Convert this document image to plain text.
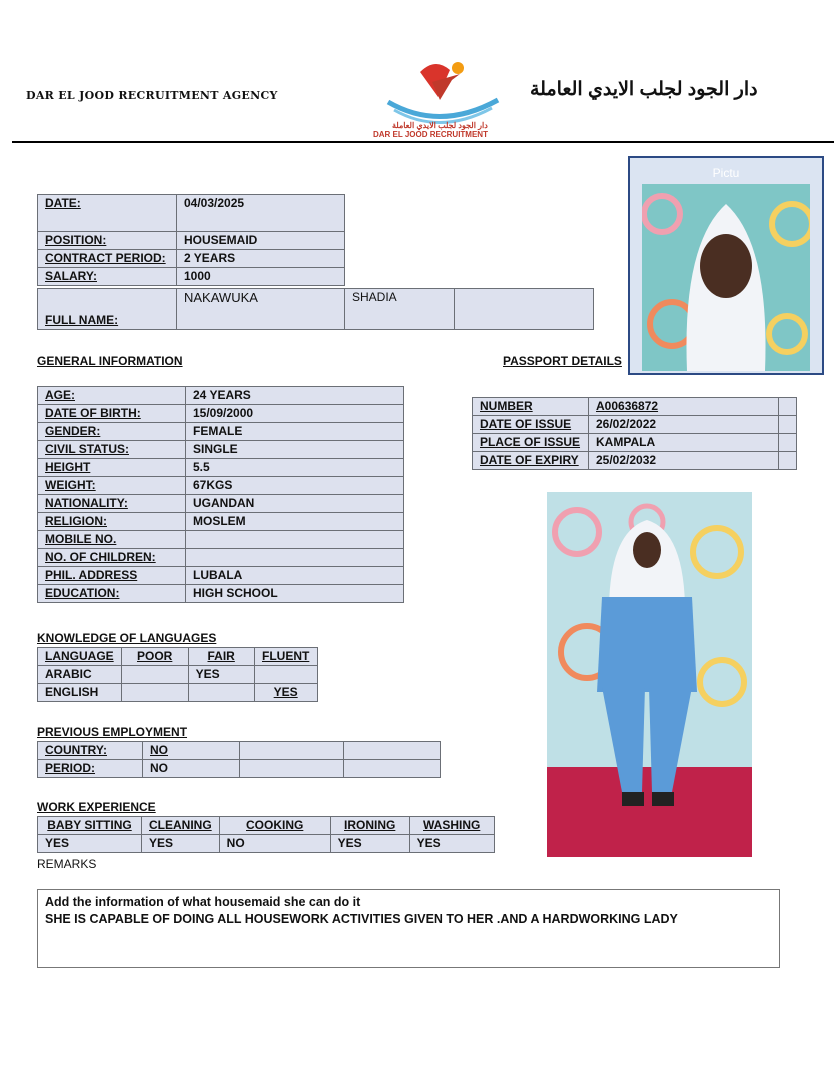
DAR EL JOOD RECRUITMENT AGENCY
دار الجود لجلب الايدي العاملة
DAR EL JOOD RECRUITMENT
دار الجود لجلب الايدي العاملة
DATE:	04/03/2025
POSITION:	HOUSEMAID
CONTRACT PERIOD:	2 YEARS
SALARY:	1000
FULL NAME:	NAKAWUKA	SHADIA	
Pictu
GENERAL INFORMATION
AGE:	24 YEARS
DATE OF BIRTH:	15/09/2000
GENDER:	FEMALE
CIVIL STATUS:	SINGLE
HEIGHT	5.5
WEIGHT:	67KGS
NATIONALITY:	UGANDAN
RELIGION:	MOSLEM
MOBILE NO.	
NO. OF CHILDREN:	
PHIL. ADDRESS	LUBALA
EDUCATION:	HIGH SCHOOL
PASSPORT DETAILS
NUMBER	A00636872	
DATE OF ISSUE	26/02/2022	
PLACE OF ISSUE	KAMPALA	
DATE OF EXPIRY	25/02/2032	
KNOWLEDGE OF LANGUAGES
LANGUAGE	POOR	FAIR	FLUENT
ARABIC		YES	
ENGLISH			YES
PREVIOUS EMPLOYMENT
COUNTRY:	NO		
PERIOD:	NO		
WORK EXPERIENCE
BABY SITTING	CLEANING	COOKING	IRONING	WASHING
YES	YES	NO	YES	YES
REMARKS
Add the information of what housemaid she can do it
SHE IS CAPABLE OF DOING ALL HOUSEWORK ACTIVITIES GIVEN TO HER .AND A HARDWORKING LADY
